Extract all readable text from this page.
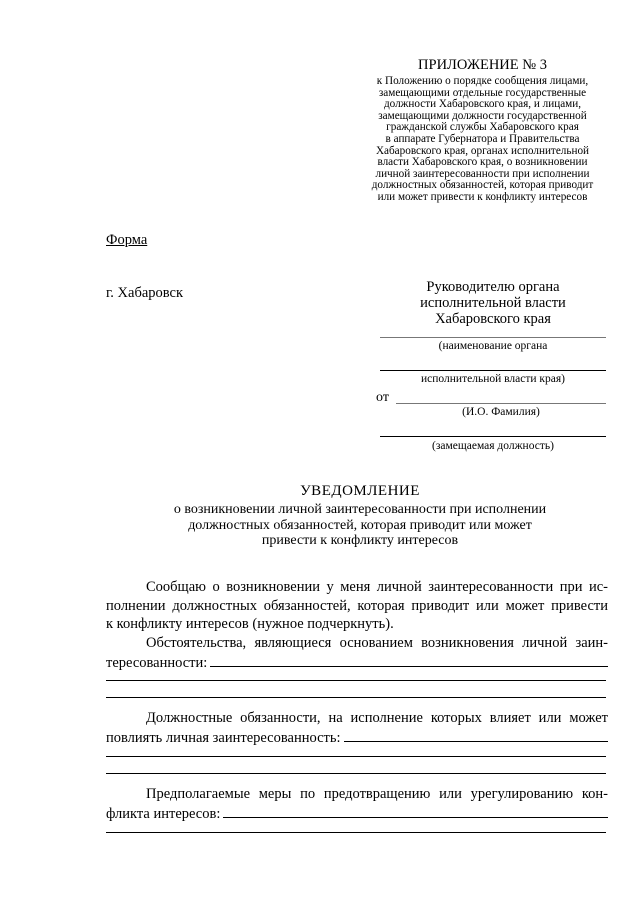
ПРИЛОЖЕНИЕ № 3
к Положению о порядке сообщения лицами,
замещающими отдельные государственные
должности Хабаровского края, и лицами,
замещающими должности государственной
гражданской службы Хабаровского края
в аппарате Губернатора и Правительства
Хабаровского края, органах исполнительной
власти Хабаровского края, о возникновении
личной заинтересованности при исполнении
должностных обязанностей, которая приводит
или может привести к конфликту интересов
Форма
г. Хабаровск	Руководителю органа
исполнительной власти
Хабаровского края
(наименование органа
исполнительной власти края)
от
(И.О. Фамилия)
(замещаемая должность)
УВЕДОМЛЕНИЕ
о возникновении личной заинтересованности при исполнении
должностных обязанностей, которая приводит или может
привести к конфликту интересов
Сообщаю о возникновении у меня личной заинтересованности при ис-
полнении должностных обязанностей, которая приводит или может привести
к конфликту интересов (нужное подчеркнуть).
Обстоятельства, являющиеся основанием возникновения личной заин-
тересованности:
Должностные обязанности, на исполнение которых влияет или может
повлиять личная заинтересованность:
Предполагаемые меры по предотвращению или урегулированию кон-
фликта интересов:
